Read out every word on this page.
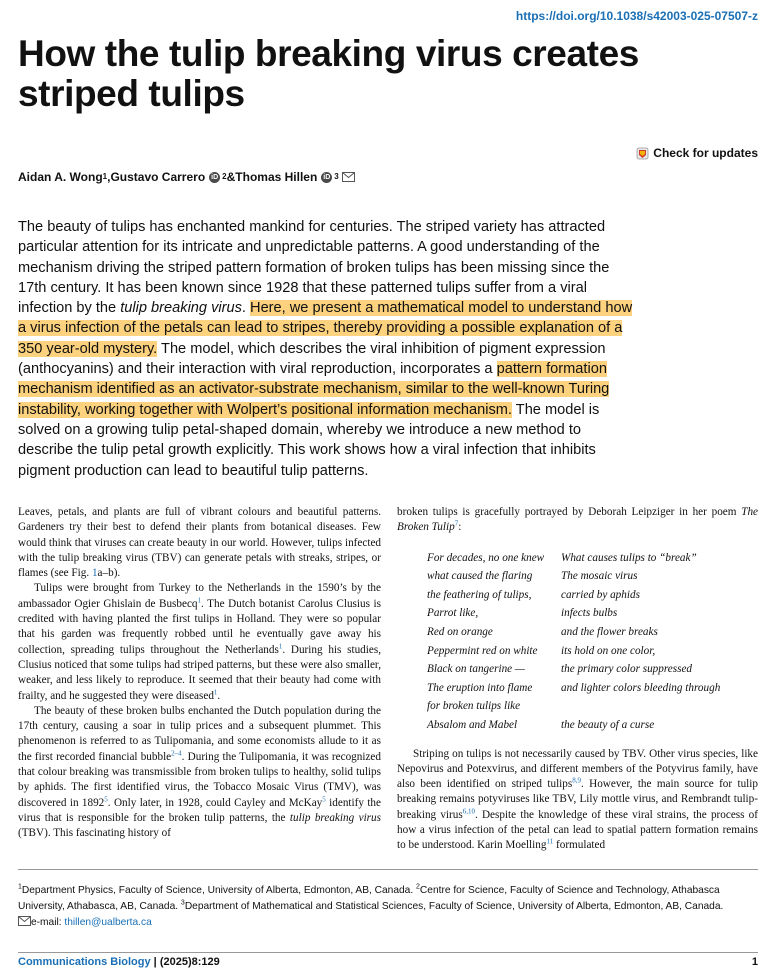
https://doi.org/10.1038/s42003-025-07507-z
How the tulip breaking virus creates striped tulips
Check for updates
Aidan A. Wong 1 , Gustavo Carrero iD 2 & Thomas Hillen iD 3
The beauty of tulips has enchanted mankind for centuries. The striped variety has attracted particular attention for its intricate and unpredictable patterns. A good understanding of the mechanism driving the striped pattern formation of broken tulips has been missing since the 17th century. It has been known since 1928 that these patterned tulips suffer from a viral infection by the tulip breaking virus. Here, we present a mathematical model to understand how a virus infection of the petals can lead to stripes, thereby providing a possible explanation of a 350 year-old mystery. The model, which describes the viral inhibition of pigment expression (anthocyanins) and their interaction with viral reproduction, incorporates a pattern formation mechanism identified as an activator-substrate mechanism, similar to the well-known Turing instability, working together with Wolpert’s positional information mechanism. The model is solved on a growing tulip petal-shaped domain, whereby we introduce a new method to describe the tulip petal growth explicitly. This work shows how a viral infection that inhibits pigment production can lead to beautiful tulip patterns.

Leaves, petals, and plants are full of vibrant colours and beautiful patterns. Gardeners try their best to defend their plants from botanical diseases. Few would think that viruses can create beauty in our world. However, tulips infected with the tulip breaking virus (TBV) can generate petals with streaks, stripes, or flames (see Fig. 1a–b).

Tulips were brought from Turkey to the Netherlands in the 1590’s by the ambassador Ogier Ghislain de Busbecq$^1$. The Dutch botanist Carolus Clusius is credited with having planted the first tulips in Holland. They were so popular that his garden was frequently robbed until he eventually gave away his collection, spreading tulips throughout the Netherlands$^1$. During his studies, Clusius noticed that some tulips had striped patterns, but these were also smaller, weaker, and less likely to reproduce. It seemed that their beauty had come with frailty, and he suggested they were diseased$^1$.

The beauty of these broken bulbs enchanted the Dutch population during the 17th century, causing a soar in tulip prices and a subsequent plummet. This phenomenon is referred to as Tulipomania, and some economists allude to it as the first recorded financial bubble$^{2-4}$. During the Tulipomania, it was recognized that colour breaking was transmissible from broken tulips to healthy, solid tulips by aphids. The first identified virus, the Tobacco Mosaic Virus (TMV), was discovered in 1892$^5$. Only later, in 1928, could Cayley and McKay$^5$ identify the virus that is responsible for the broken tulip patterns, the tulip breaking virus (TBV). This fascinating history of

broken tulips is gracefully portrayed by Deborah Leipziger in her poem The Broken Tulip$^7$:

For decades, no one knew	What causes tulips to “break”
what caused the flaring	The mosaic virus
the feathering of tulips,	carried by aphids
Parrot like,	infects bulbs
Red on orange	and the flower breaks
Peppermint red on white	its hold on one color,
Black on tangerine —	the primary color suppressed
The eruption into flame	and lighter colors bleeding through
for broken tulips like
Absalom and Mabel	the beauty of a curse

Striping on tulips is not necessarily caused by TBV. Other virus species, like Nepovirus and Potexvirus, and different members of the Potyvirus family, have also been identified on striped tulips$^{8,9}$. However, the main source for tulip breaking remains potyviruses like TBV, Lily mottle virus, and Rembrandt tulip-breaking virus$^{6,10}$. Despite the knowledge of these viral strains, the process of how a virus infection of the petal can lead to spatial pattern formation remains to be understood. Karin Moelling$^{11}$ formulated

$^1$Department Physics, Faculty of Science, University of Alberta, Edmonton, AB, Canada. $^2$Centre for Science, Faculty of Science and Technology, Athabasca University, Athabasca, AB, Canada. $^3$Department of Mathematical and Statistical Sciences, Faculty of Science, University of Alberta, Edmonton, AB, Canada.
e-mail: thillen@ualberta.ca
Communications Biology | (2025)8:129	1
